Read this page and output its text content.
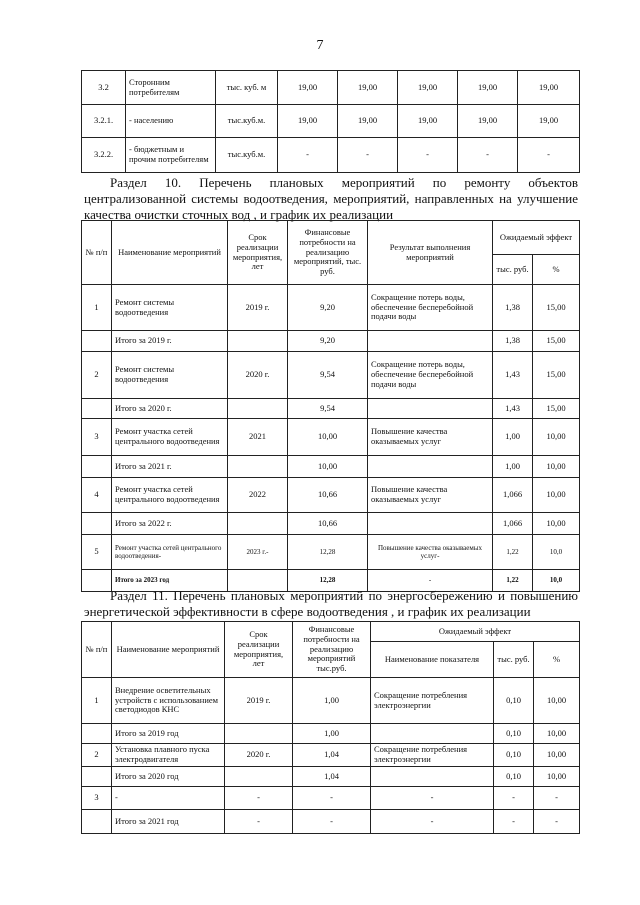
7
3.2	Сторонним потребителям	тыс. куб. м	19,00	19,00	19,00	19,00	19,00
3.2.1.	- населению	тыс.куб.м.	19,00	19,00	19,00	19,00	19,00
3.2.2.	- бюджетным и прочим потребителям	тыс.куб.м.	-	-	-	-	-
Раздел 10. Перечень плановых мероприятий по ремонту объектов централизованной системы водоотведения, мероприятий, направленных на улучшение качества очистки сточных вод , и график их реализации
№ п/п	Наименование мероприятий	Срок реализации мероприятия, лет	Финансовые потребности на реализацию мероприятий, тыс. руб.	Результат выполнения мероприятий	Ожидаемый эффект	
					тыс. руб.	%
1	Ремонт системы водоотведения	2019 г.	9,20	Сокращение потерь воды, обеспечение бесперебойной подачи воды	1,38	15,00
	Итого за 2019 г.		9,20		1,38	15,00
2	Ремонт системы водоотведения	2020 г.	9,54	Сокращение потерь воды, обеспечение бесперебойной подачи воды	1,43	15,00
	Итого за 2020 г.		9,54		1,43	15,00
3	Ремонт участка сетей центрального водоотведения	2021	10,00	Повышение качества оказываемых услуг	1,00	10,00
	Итого за 2021 г.		10,00		1,00	10,00
4	Ремонт участка сетей центрального водоотведения	2022	10,66	Повышение качества оказываемых услуг	1,066	10,00
	Итого за 2022 г.		10,66		1,066	10,00
5	Ремонт участка сетей центрального водоотведения-	2023 г.-	12,28	Повышение качества оказываемых услуг-	1,22	10,0
	Итого за 2023 год		12,28	-	1,22	10,0
Раздел 11. Перечень плановых мероприятий по энергосбережению и повышению энергетической эффективности в сфере водоотведения , и график их реализации
№ п/п	Наименование мероприятий	Срок реализации мероприятия, лет	Финансовые потребности на реализацию мероприятий тыс.руб.	Ожидаемый эффект		
				Наименование показателя	тыс. руб.	%
1	Внедрение осветительных устройств с использованием светодиодов КНС	2019 г.	1,00	Сокращение потребления электроэнергии	0,10	10,00
	Итого за 2019 год		1,00		0,10	10,00
2	Установка плавного пуска электродвигателя	2020 г.	1,04	Сокращение потребления электроэнергии	0,10	10,00
	Итого за 2020 год		1,04		0,10	10,00
3	-	-	-	-	-	-
	Итого за 2021 год	-	-	-	-	-
